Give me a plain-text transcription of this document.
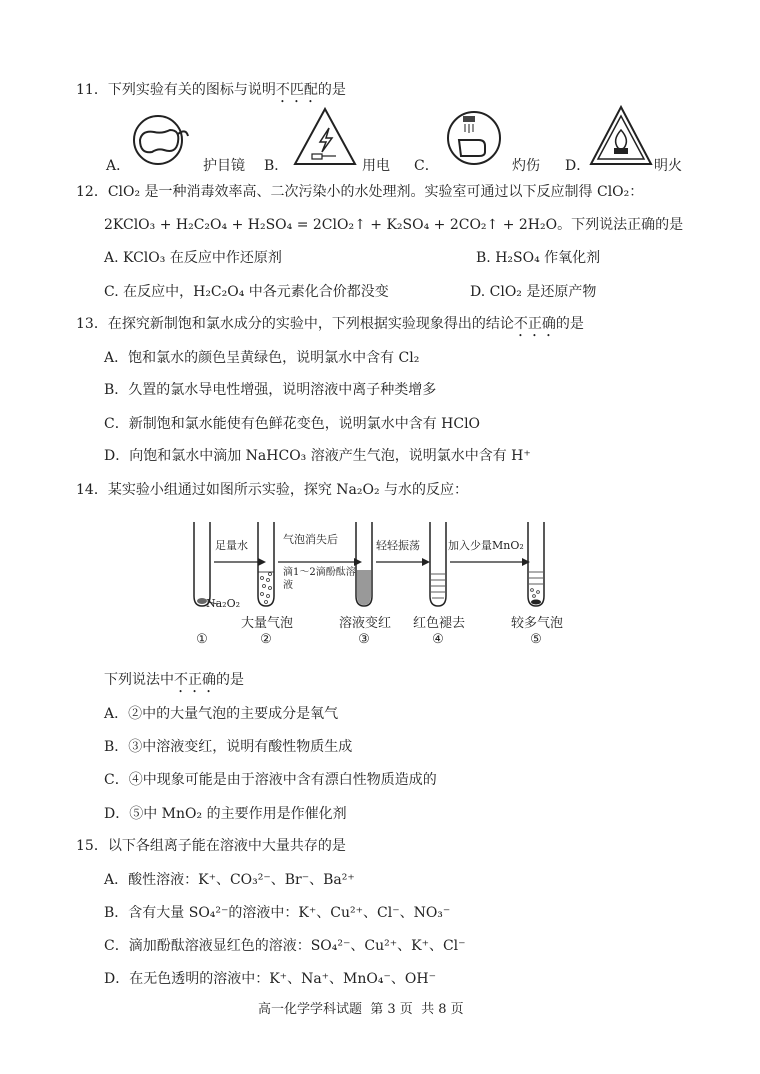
11．下列实验有关的图标与说明不匹配的是
A．	护目镜 B．	用电 C．	灼伤 D．	明火
12．ClO₂ 是一种消毒效率高、二次污染小的水处理剂。实验室可通过以下反应制得 ClO₂：
2KClO₃ + H₂C₂O₄ + H₂SO₄ = 2ClO₂↑ + K₂SO₄ + 2CO₂↑ + 2H₂O。下列说法正确的是
A. KClO₃ 在反应中作还原剂	B. H₂SO₄ 作氧化剂
C. 在反应中，H₂C₂O₄ 中各元素化合价都没变	D. ClO₂ 是还原产物
13．在探究新制饱和氯水成分的实验中，下列根据实验现象得出的结论不正确的是
A．饱和氯水的颜色呈黄绿色，说明氯水中含有 Cl₂
B．久置的氯水导电性增强，说明溶液中离子种类增多
C．新制饱和氯水能使有色鲜花变色，说明氯水中含有 HClO
D．向饱和氯水中滴加 NaHCO₃ 溶液产生气泡，说明氯水中含有 H⁺
14．某实验小组通过如图所示实验，探究 Na₂O₂ 与水的反应：
足量水	气泡消失后
滴1～2滴酚酞溶液
轻轻振荡	加入少量MnO₂
Na₂O₂
大量气泡	溶液变红	红色褪去	较多气泡
①	②	③	④	⑤
下列说法中不正确的是
A．②中的大量气泡的主要成分是氧气
B．③中溶液变红，说明有酸性物质生成
C．④中现象可能是由于溶液中含有漂白性物质造成的
D．⑤中 MnO₂ 的主要作用是作催化剂
15．以下各组离子能在溶液中大量共存的是
A．酸性溶液：K⁺、CO₃²⁻、Br⁻、Ba²⁺
B．含有大量 SO₄²⁻的溶液中：K⁺、Cu²⁺、Cl⁻、NO₃⁻
C．滴加酚酞溶液显红色的溶液：SO₄²⁻、Cu²⁺、K⁺、Cl⁻
D．在无色透明的溶液中：K⁺、Na⁺、MnO₄⁻、OH⁻
高一化学学科试题  第 3 页  共 8 页
